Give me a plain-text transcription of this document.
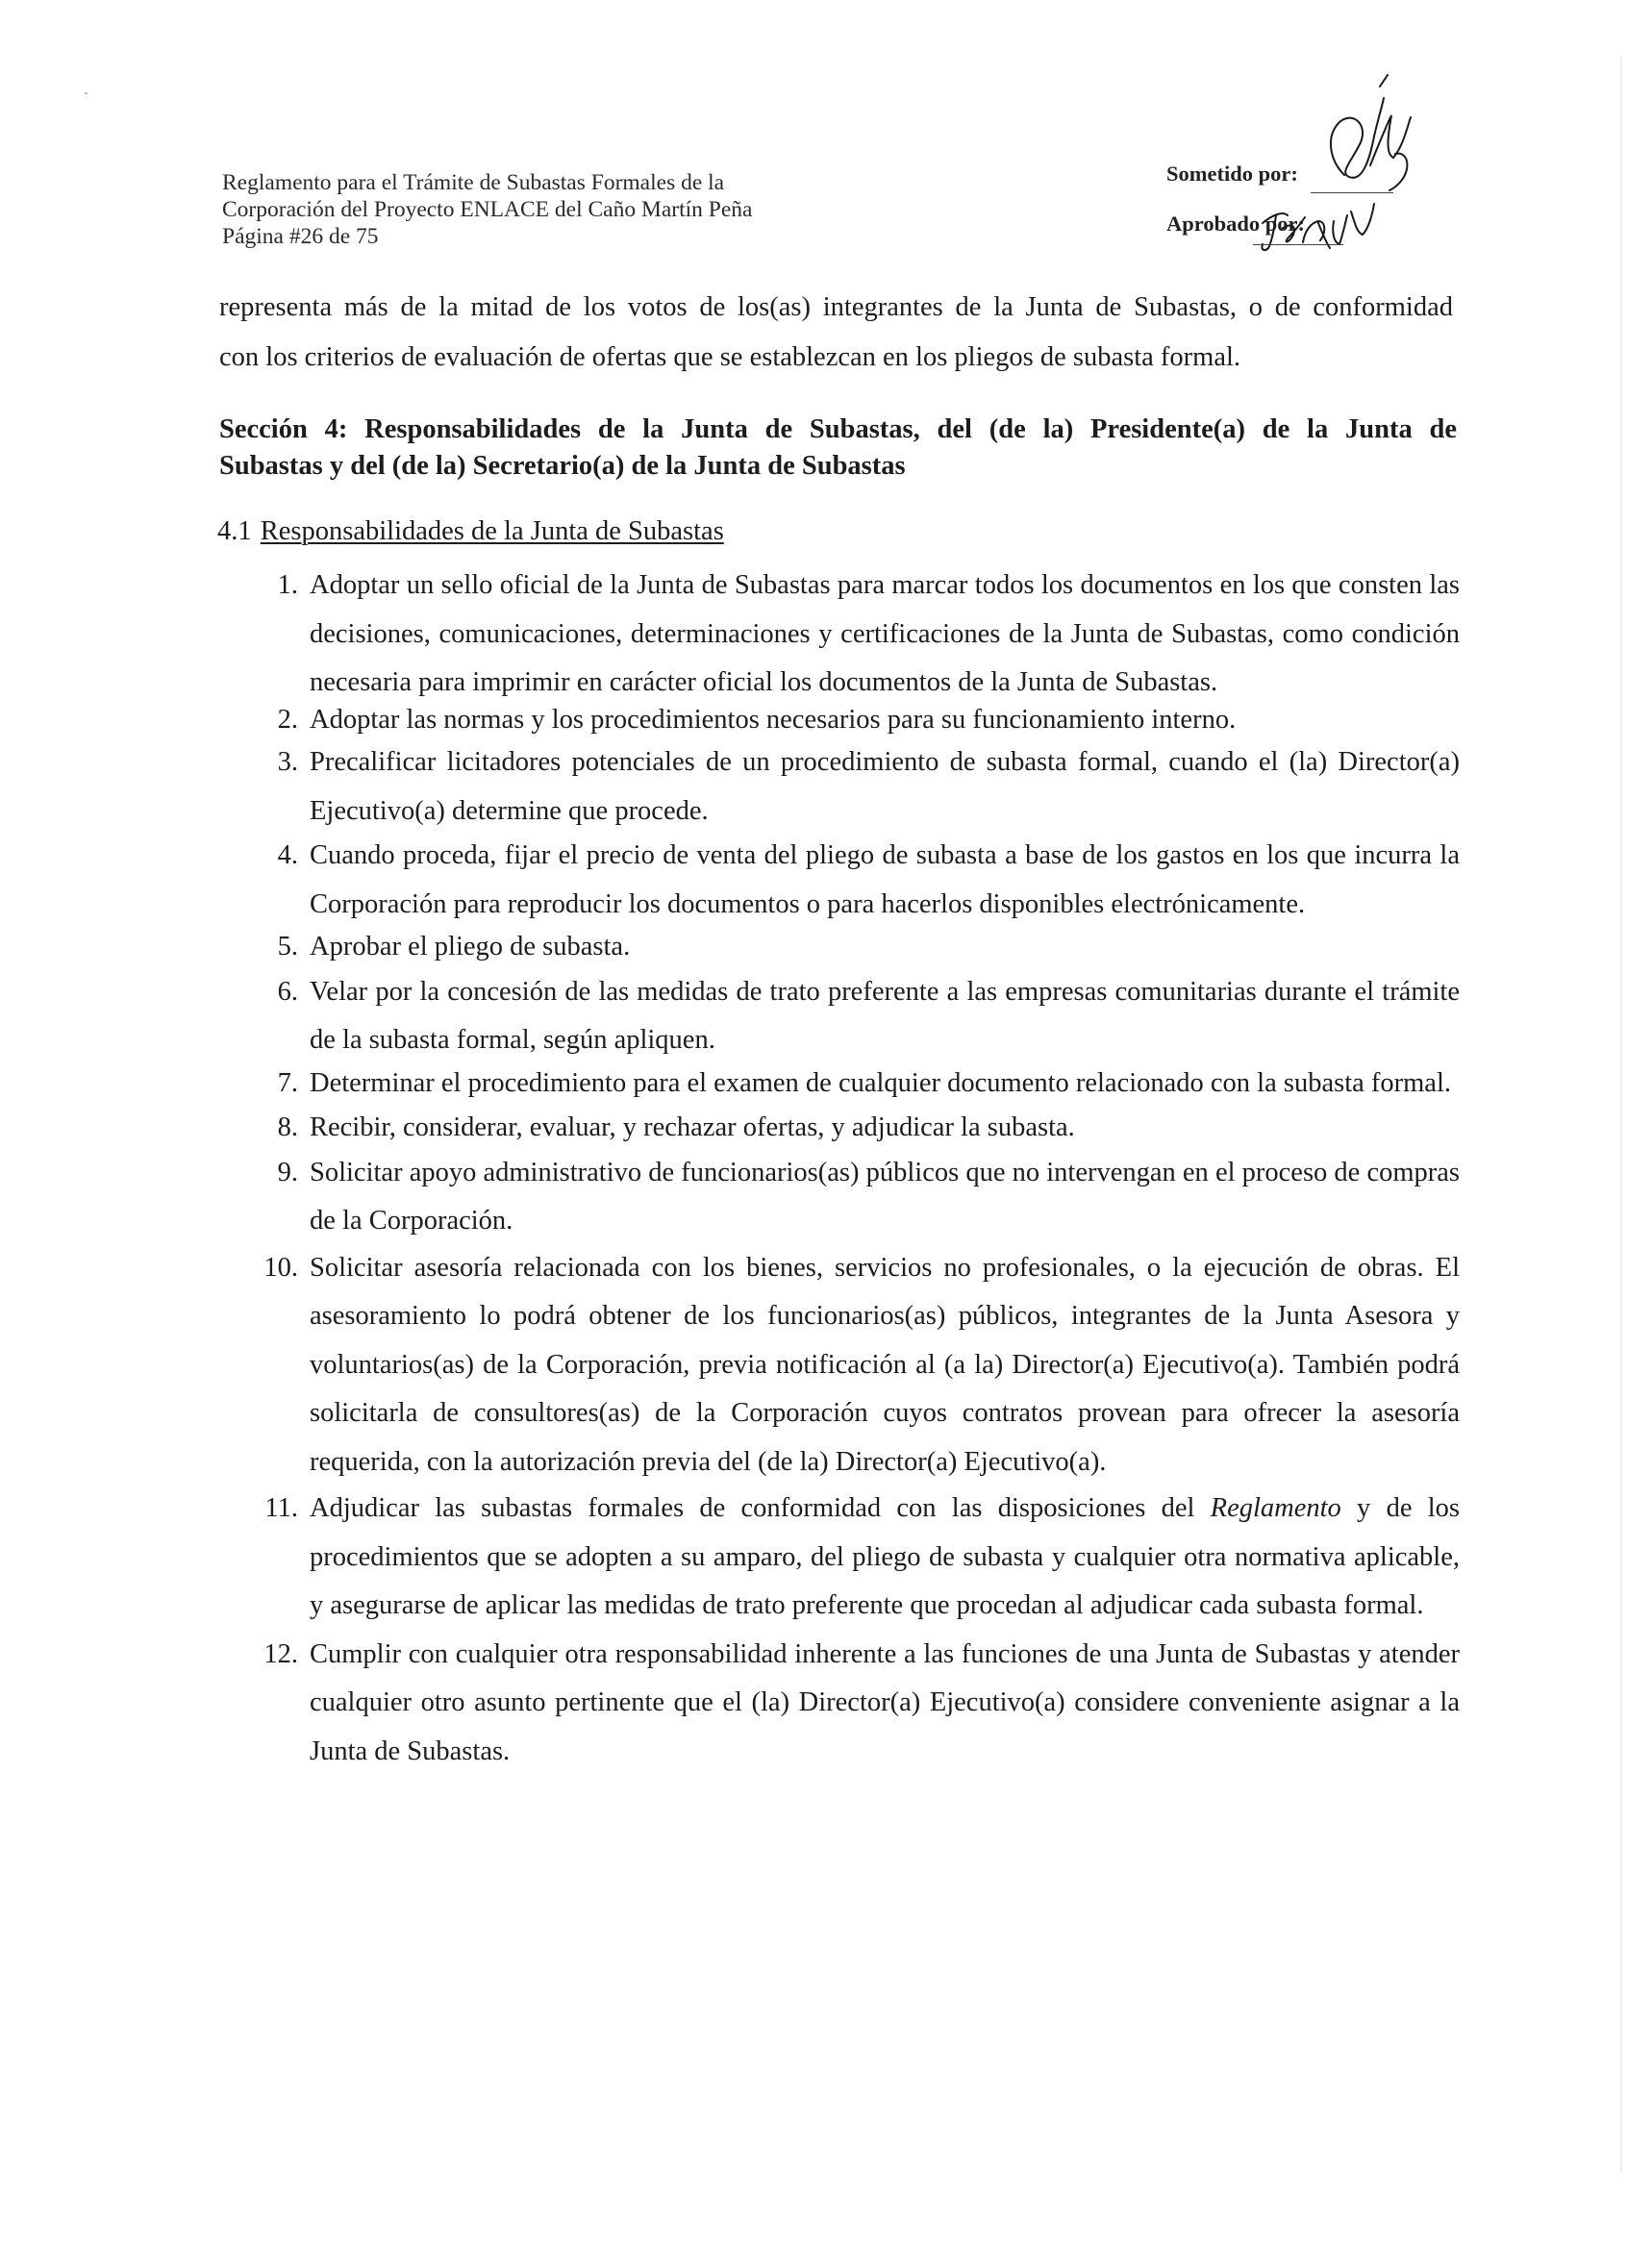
Reglamento para el Trámite de Subastas Formales de la
Corporación del Proyecto ENLACE del Caño Martín Peña
Página #26 de 75
Sometido por:
Aprobado por:
representa más de la mitad de los votos de los(as) integrantes de la Junta de Subastas, o de conformidad
con los criterios de evaluación de ofertas que se establezcan en los pliegos de subasta formal.
Sección 4: Responsabilidades de la Junta de Subastas, del (de la) Presidente(a) de la Junta de
Subastas y del (de la) Secretario(a) de la Junta de Subastas
4.1 Responsabilidades de la Junta de Subastas
1. Adoptar un sello oficial de la Junta de Subastas para marcar todos los documentos en los que consten las decisiones, comunicaciones, determinaciones y certificaciones de la Junta de Subastas, como condición necesaria para imprimir en carácter oficial los documentos de la Junta de Subastas.
2. Adoptar las normas y los procedimientos necesarios para su funcionamiento interno.
3. Precalificar licitadores potenciales de un procedimiento de subasta formal, cuando el (la) Director(a) Ejecutivo(a) determine que procede.
4. Cuando proceda, fijar el precio de venta del pliego de subasta a base de los gastos en los que incurra la Corporación para reproducir los documentos o para hacerlos disponibles electrónicamente.
5. Aprobar el pliego de subasta.
6. Velar por la concesión de las medidas de trato preferente a las empresas comunitarias durante el trámite de la subasta formal, según apliquen.
7. Determinar el procedimiento para el examen de cualquier documento relacionado con la subasta formal.
8. Recibir, considerar, evaluar, y rechazar ofertas, y adjudicar la subasta.
9. Solicitar apoyo administrativo de funcionarios(as) públicos que no intervengan en el proceso de compras de la Corporación.
10. Solicitar asesoría relacionada con los bienes, servicios no profesionales, o la ejecución de obras. El asesoramiento lo podrá obtener de los funcionarios(as) públicos, integrantes de la Junta Asesora y voluntarios(as) de la Corporación, previa notificación al (a la) Director(a) Ejecutivo(a). También podrá solicitarla de consultores(as) de la Corporación cuyos contratos provean para ofrecer la asesoría requerida, con la autorización previa del (de la) Director(a) Ejecutivo(a).
11. Adjudicar las subastas formales de conformidad con las disposiciones del Reglamento y de los procedimientos que se adopten a su amparo, del pliego de subasta y cualquier otra normativa aplicable, y asegurarse de aplicar las medidas de trato preferente que procedan al adjudicar cada subasta formal.
12. Cumplir con cualquier otra responsabilidad inherente a las funciones de una Junta de Subastas y atender cualquier otro asunto pertinente que el (la) Director(a) Ejecutivo(a) considere conveniente asignar a la Junta de Subastas.
